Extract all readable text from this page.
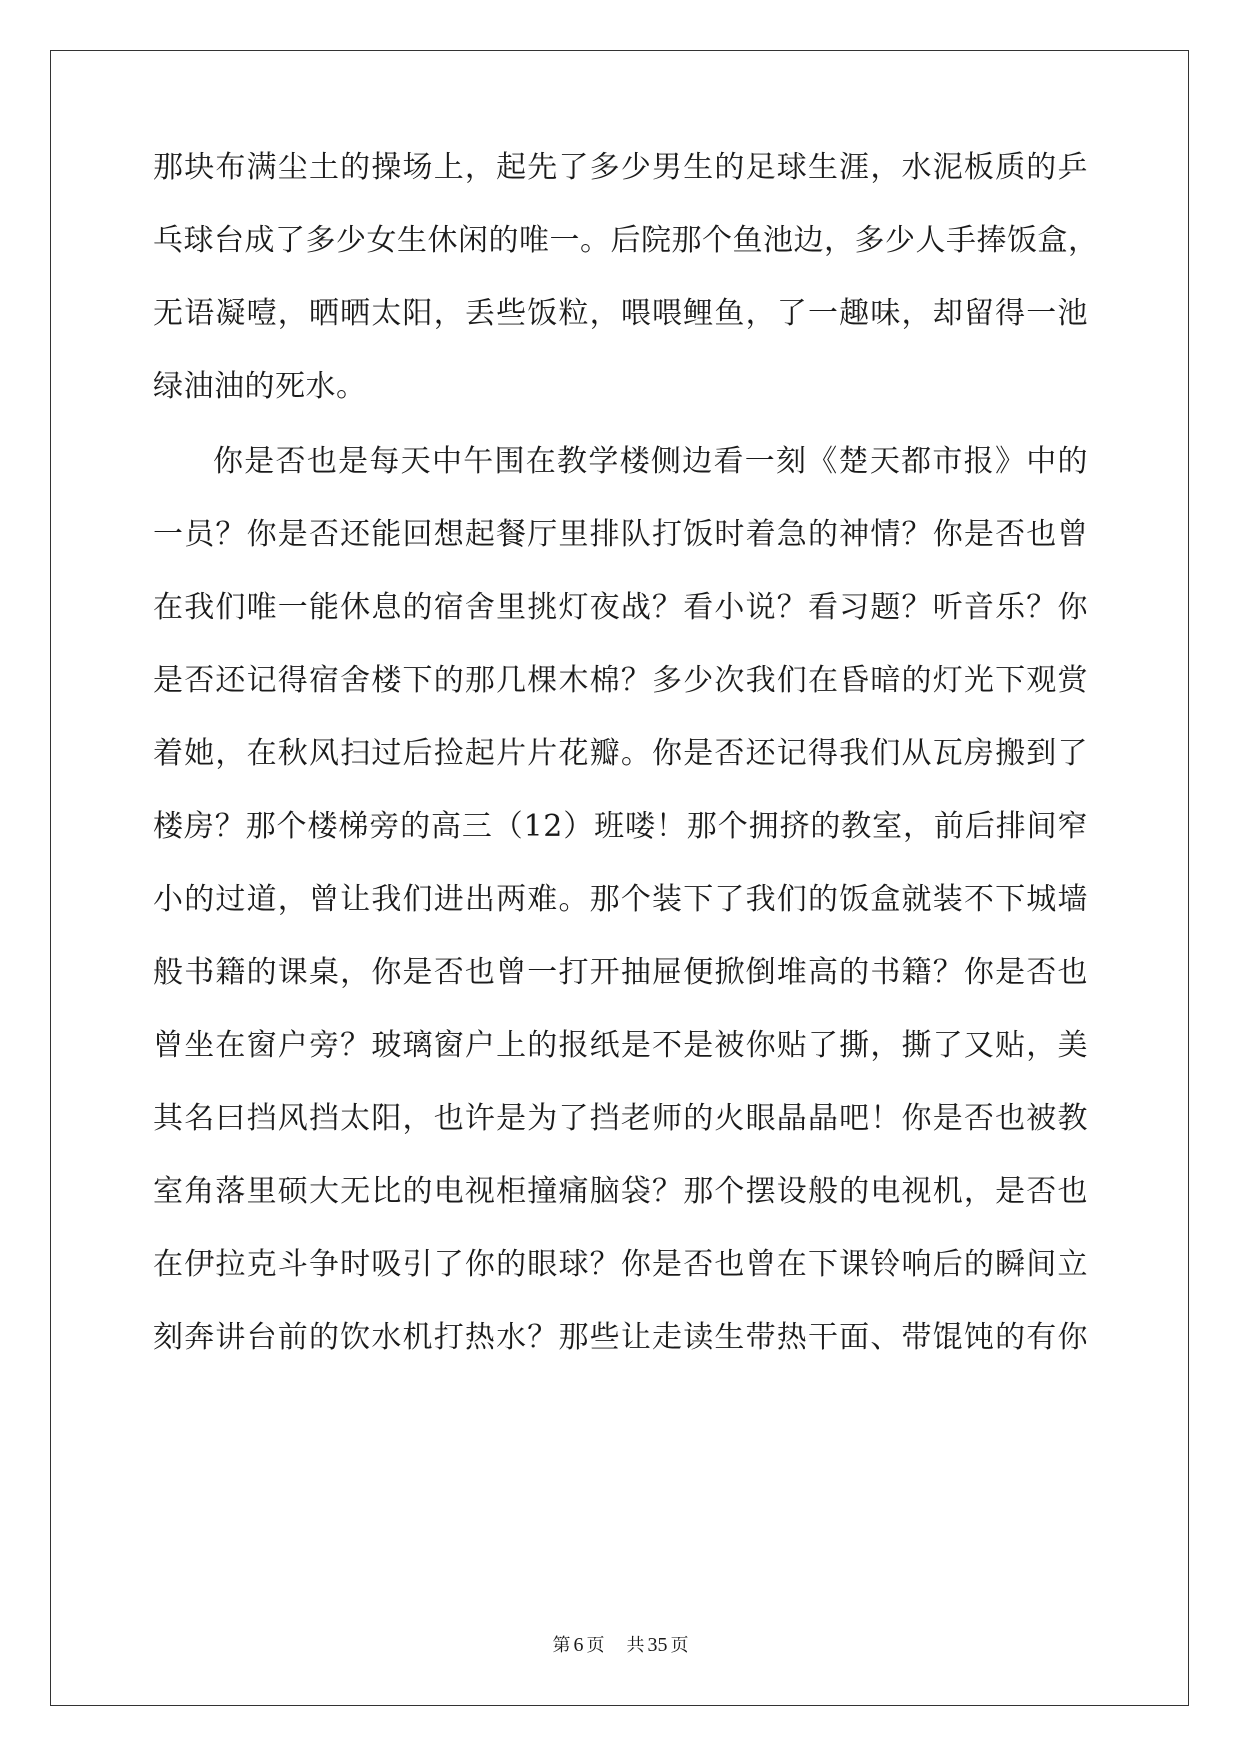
那块布满尘土的操场上，起先了多少男生的足球生涯，水泥板质的乒
乓球台成了多少女生休闲的唯一。后院那个鱼池边，多少人手捧饭盒，
无语凝噎，晒晒太阳，丢些饭粒，喂喂鲤鱼，了一趣味，却留得一池
绿油油的死水。
你是否也是每天中午围在教学楼侧边看一刻《楚天都市报》中的
一员？你是否还能回想起餐厅里排队打饭时着急的神情？你是否也曾
在我们唯一能休息的宿舍里挑灯夜战？看小说？看习题？听音乐？你
是否还记得宿舍楼下的那几棵木棉？多少次我们在昏暗的灯光下观赏
着她，在秋风扫过后捡起片片花瓣。你是否还记得我们从瓦房搬到了
楼房？那个楼梯旁的高三（12）班喽！那个拥挤的教室，前后排间窄
小的过道，曾让我们进出两难。那个装下了我们的饭盒就装不下城墙
般书籍的课桌，你是否也曾一打开抽屉便掀倒堆高的书籍？你是否也
曾坐在窗户旁？玻璃窗户上的报纸是不是被你贴了撕，撕了又贴，美
其名曰挡风挡太阳，也许是为了挡老师的火眼晶晶吧！你是否也被教
室角落里硕大无比的电视柜撞痛脑袋？那个摆设般的电视机，是否也
在伊拉克斗争时吸引了你的眼球？你是否也曾在下课铃响后的瞬间立
刻奔讲台前的饮水机打热水？那些让走读生带热干面、带馄饨的有你
第 6 页 共 35 页
